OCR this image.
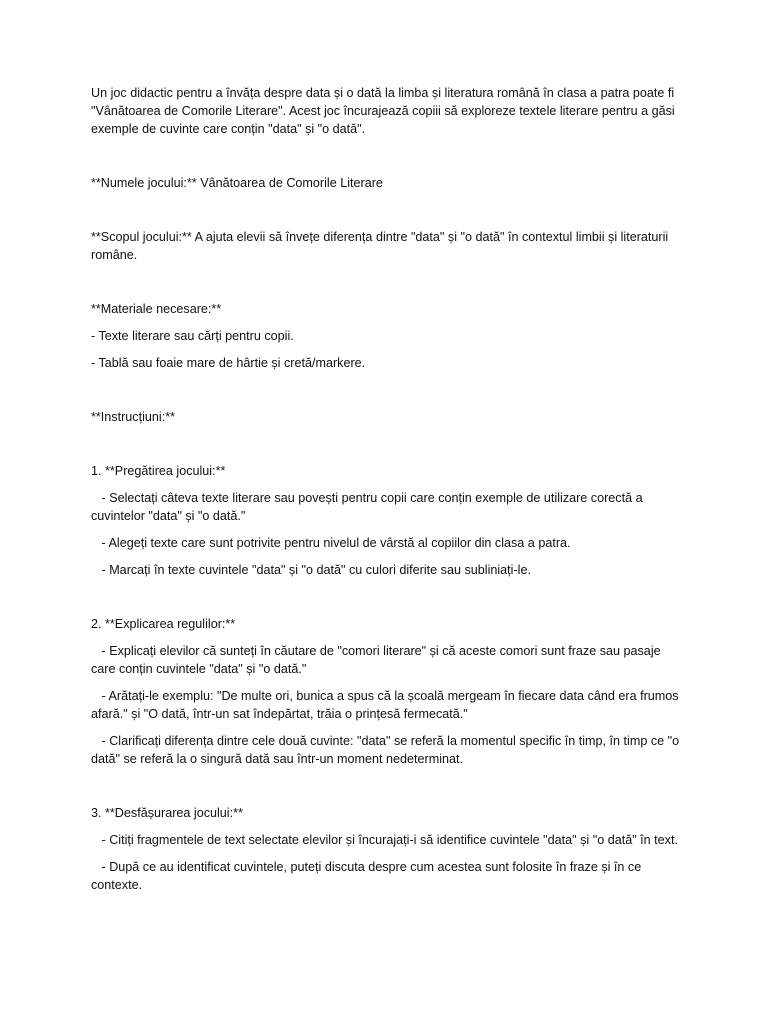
Un joc didactic pentru a învăța despre data și o dată la limba și literatura română în clasa a patra poate fi "Vânătoarea de Comorile Literare". Acest joc încurajează copiii să exploreze textele literare pentru a găsi exemple de cuvinte care conțin "data" și "o dată".

**Numele jocului:** Vânătoarea de Comorile Literare

**Scopul jocului:** A ajuta elevii să învețe diferența dintre "data" și "o dată" în contextul limbii și literaturii române.

**Materiale necesare:**

- Texte literare sau cărți pentru copii.

- Tablă sau foaie mare de hârtie și cretă/markere.

**Instrucțiuni:**

1. **Pregătirea jocului:**

- Selectați câteva texte literare sau povești pentru copii care conțin exemple de utilizare corectă a cuvintelor "data" și "o dată."

- Alegeți texte care sunt potrivite pentru nivelul de vârstă al copiilor din clasa a patra.

- Marcați în texte cuvintele "data" și "o dată" cu culori diferite sau subliniați-le.

2. **Explicarea regulilor:**

- Explicați elevilor că sunteți în căutare de "comori literare" și că aceste comori sunt fraze sau pasaje care conțin cuvintele "data" și "o dată."

- Arătați-le exemplu: "De multe ori, bunica a spus că la școală mergeam în fiecare data când era frumos afară." și "O dată, într-un sat îndepărtat, trăia o prințesă fermecată."

- Clarificați diferența dintre cele două cuvinte: "data" se referă la momentul specific în timp, în timp ce "o dată" se referă la o singură dată sau într-un moment nedeterminat.

3. **Desfășurarea jocului:**

- Citiți fragmentele de text selectate elevilor și încurajați-i să identifice cuvintele "data" și "o dată" în text.

- După ce au identificat cuvintele, puteți discuta despre cum acestea sunt folosite în fraze și în ce contexte.
